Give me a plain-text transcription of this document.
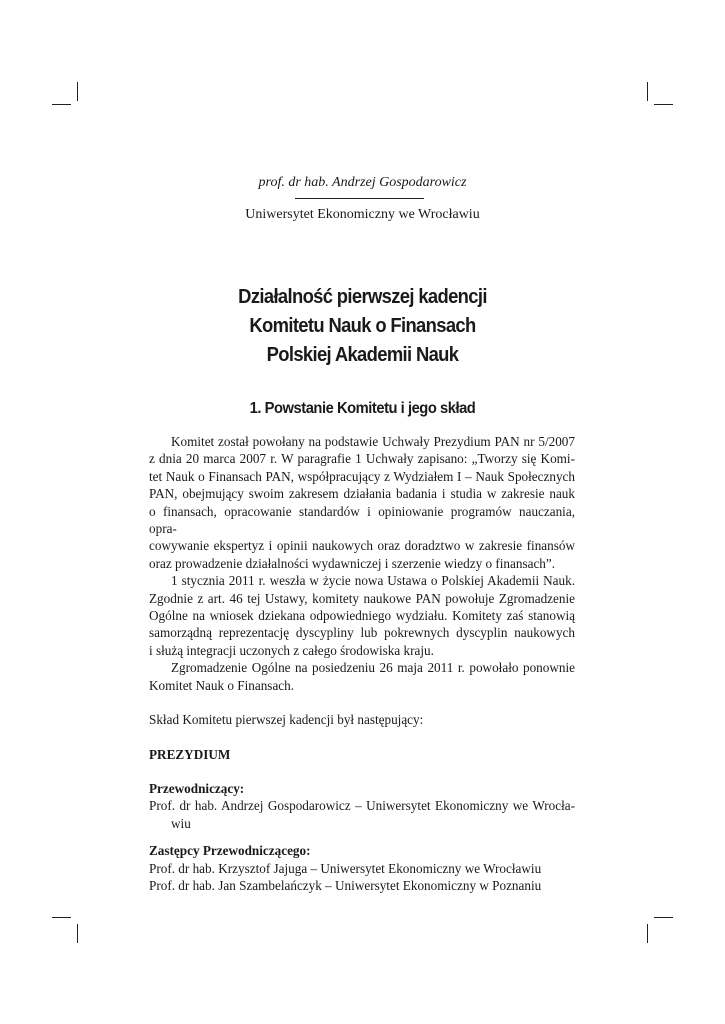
prof. dr hab. Andrzej Gospodarowicz
Uniwersytet Ekonomiczny we Wrocławiu
Działalność pierwszej kadencji
Komitetu Nauk o Finansach
Polskiej Akademii Nauk
1. Powstanie Komitetu i jego skład
Komitet został powołany na podstawie Uchwały Prezydium PAN nr 5/2007
z dnia 20 marca 2007 r. W paragrafie 1 Uchwały zapisano: „Tworzy się Komi-
tet Nauk o Finansach PAN, współpracujący z Wydziałem I – Nauk Społecznych
PAN, obejmujący swoim zakresem działania badania i studia w zakresie nauk
o finansach, opracowanie standardów i opiniowanie programów nauczania, opra-
cowywanie ekspertyz i opinii naukowych oraz doradztwo w zakresie finansów
oraz prowadzenie działalności wydawniczej i szerzenie wiedzy o finansach”.
1 stycznia 2011 r. weszła w życie nowa Ustawa o Polskiej Akademii Nauk.
Zgodnie z art. 46 tej Ustawy, komitety naukowe PAN powołuje Zgromadzenie
Ogólne na wniosek dziekana odpowiedniego wydziału. Komitety zaś stanowią
samorządną reprezentację dyscypliny lub pokrewnych dyscyplin naukowych
i służą integracji uczonych z całego środowiska kraju.
Zgromadzenie Ogólne na posiedzeniu 26 maja 2011 r. powołało ponownie
Komitet Nauk o Finansach.
Skład Komitetu pierwszej kadencji był następujący:
PREZYDIUM
Przewodniczący:
Prof. dr hab. Andrzej Gospodarowicz – Uniwersytet Ekonomiczny we Wrocła-
wiu
Zastępcy Przewodniczącego:
Prof. dr hab. Krzysztof Jajuga – Uniwersytet Ekonomiczny we Wrocławiu
Prof. dr hab. Jan Szambelańczyk – Uniwersytet Ekonomiczny w Poznaniu
